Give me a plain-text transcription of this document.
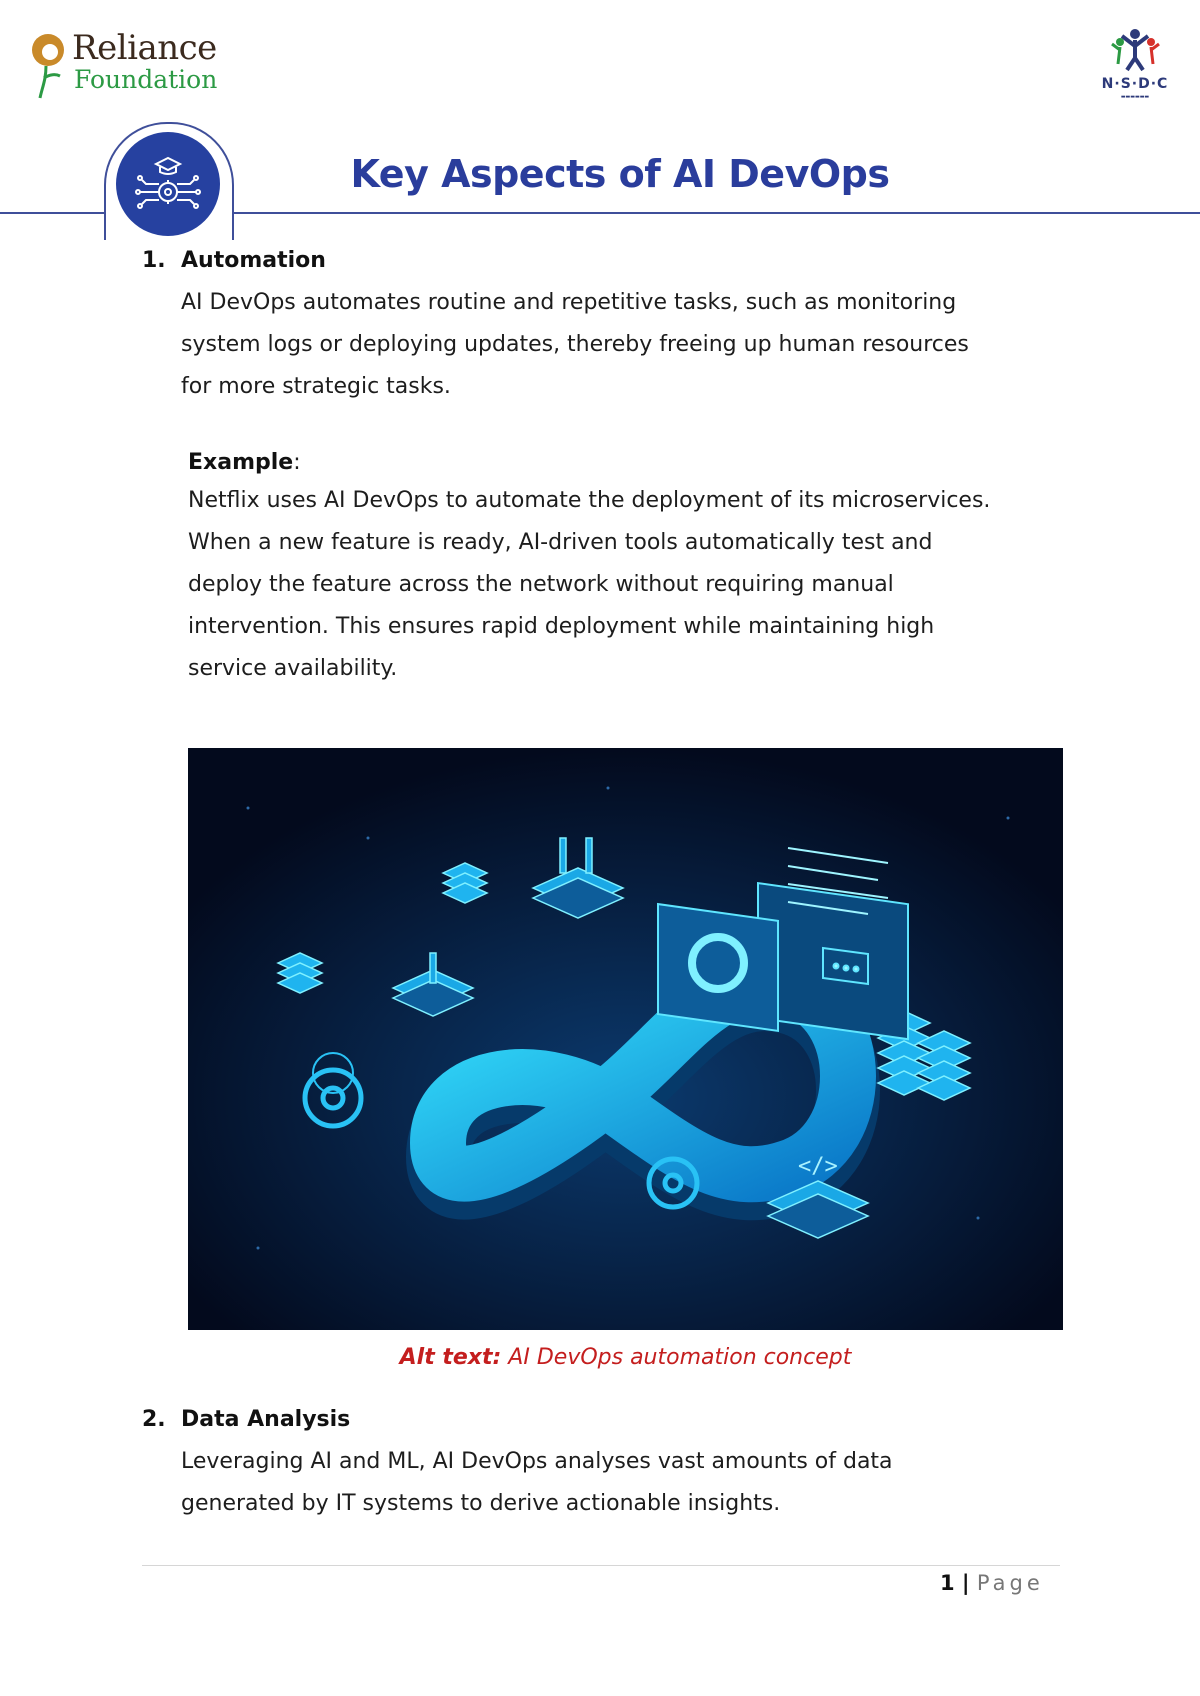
Reliance
Foundation	N·S·D·C
▬▬▬▬▬▬
Key Aspects of AI DevOps
1. Automation
AI DevOps automates routine and repetitive tasks, such as monitoring
system logs or deploying updates, thereby freeing up human resources
for more strategic tasks.
Example:
Netflix uses AI DevOps to automate the deployment of its microservices.
When a new feature is ready, AI-driven tools automatically test and
deploy the feature across the network without requiring manual
intervention. This ensures rapid deployment while maintaining high
service availability.
</>
Alt text: AI DevOps automation concept
2. Data Analysis
Leveraging AI and ML, AI DevOps analyses vast amounts of data
generated by IT systems to derive actionable insights.
1 | Page
